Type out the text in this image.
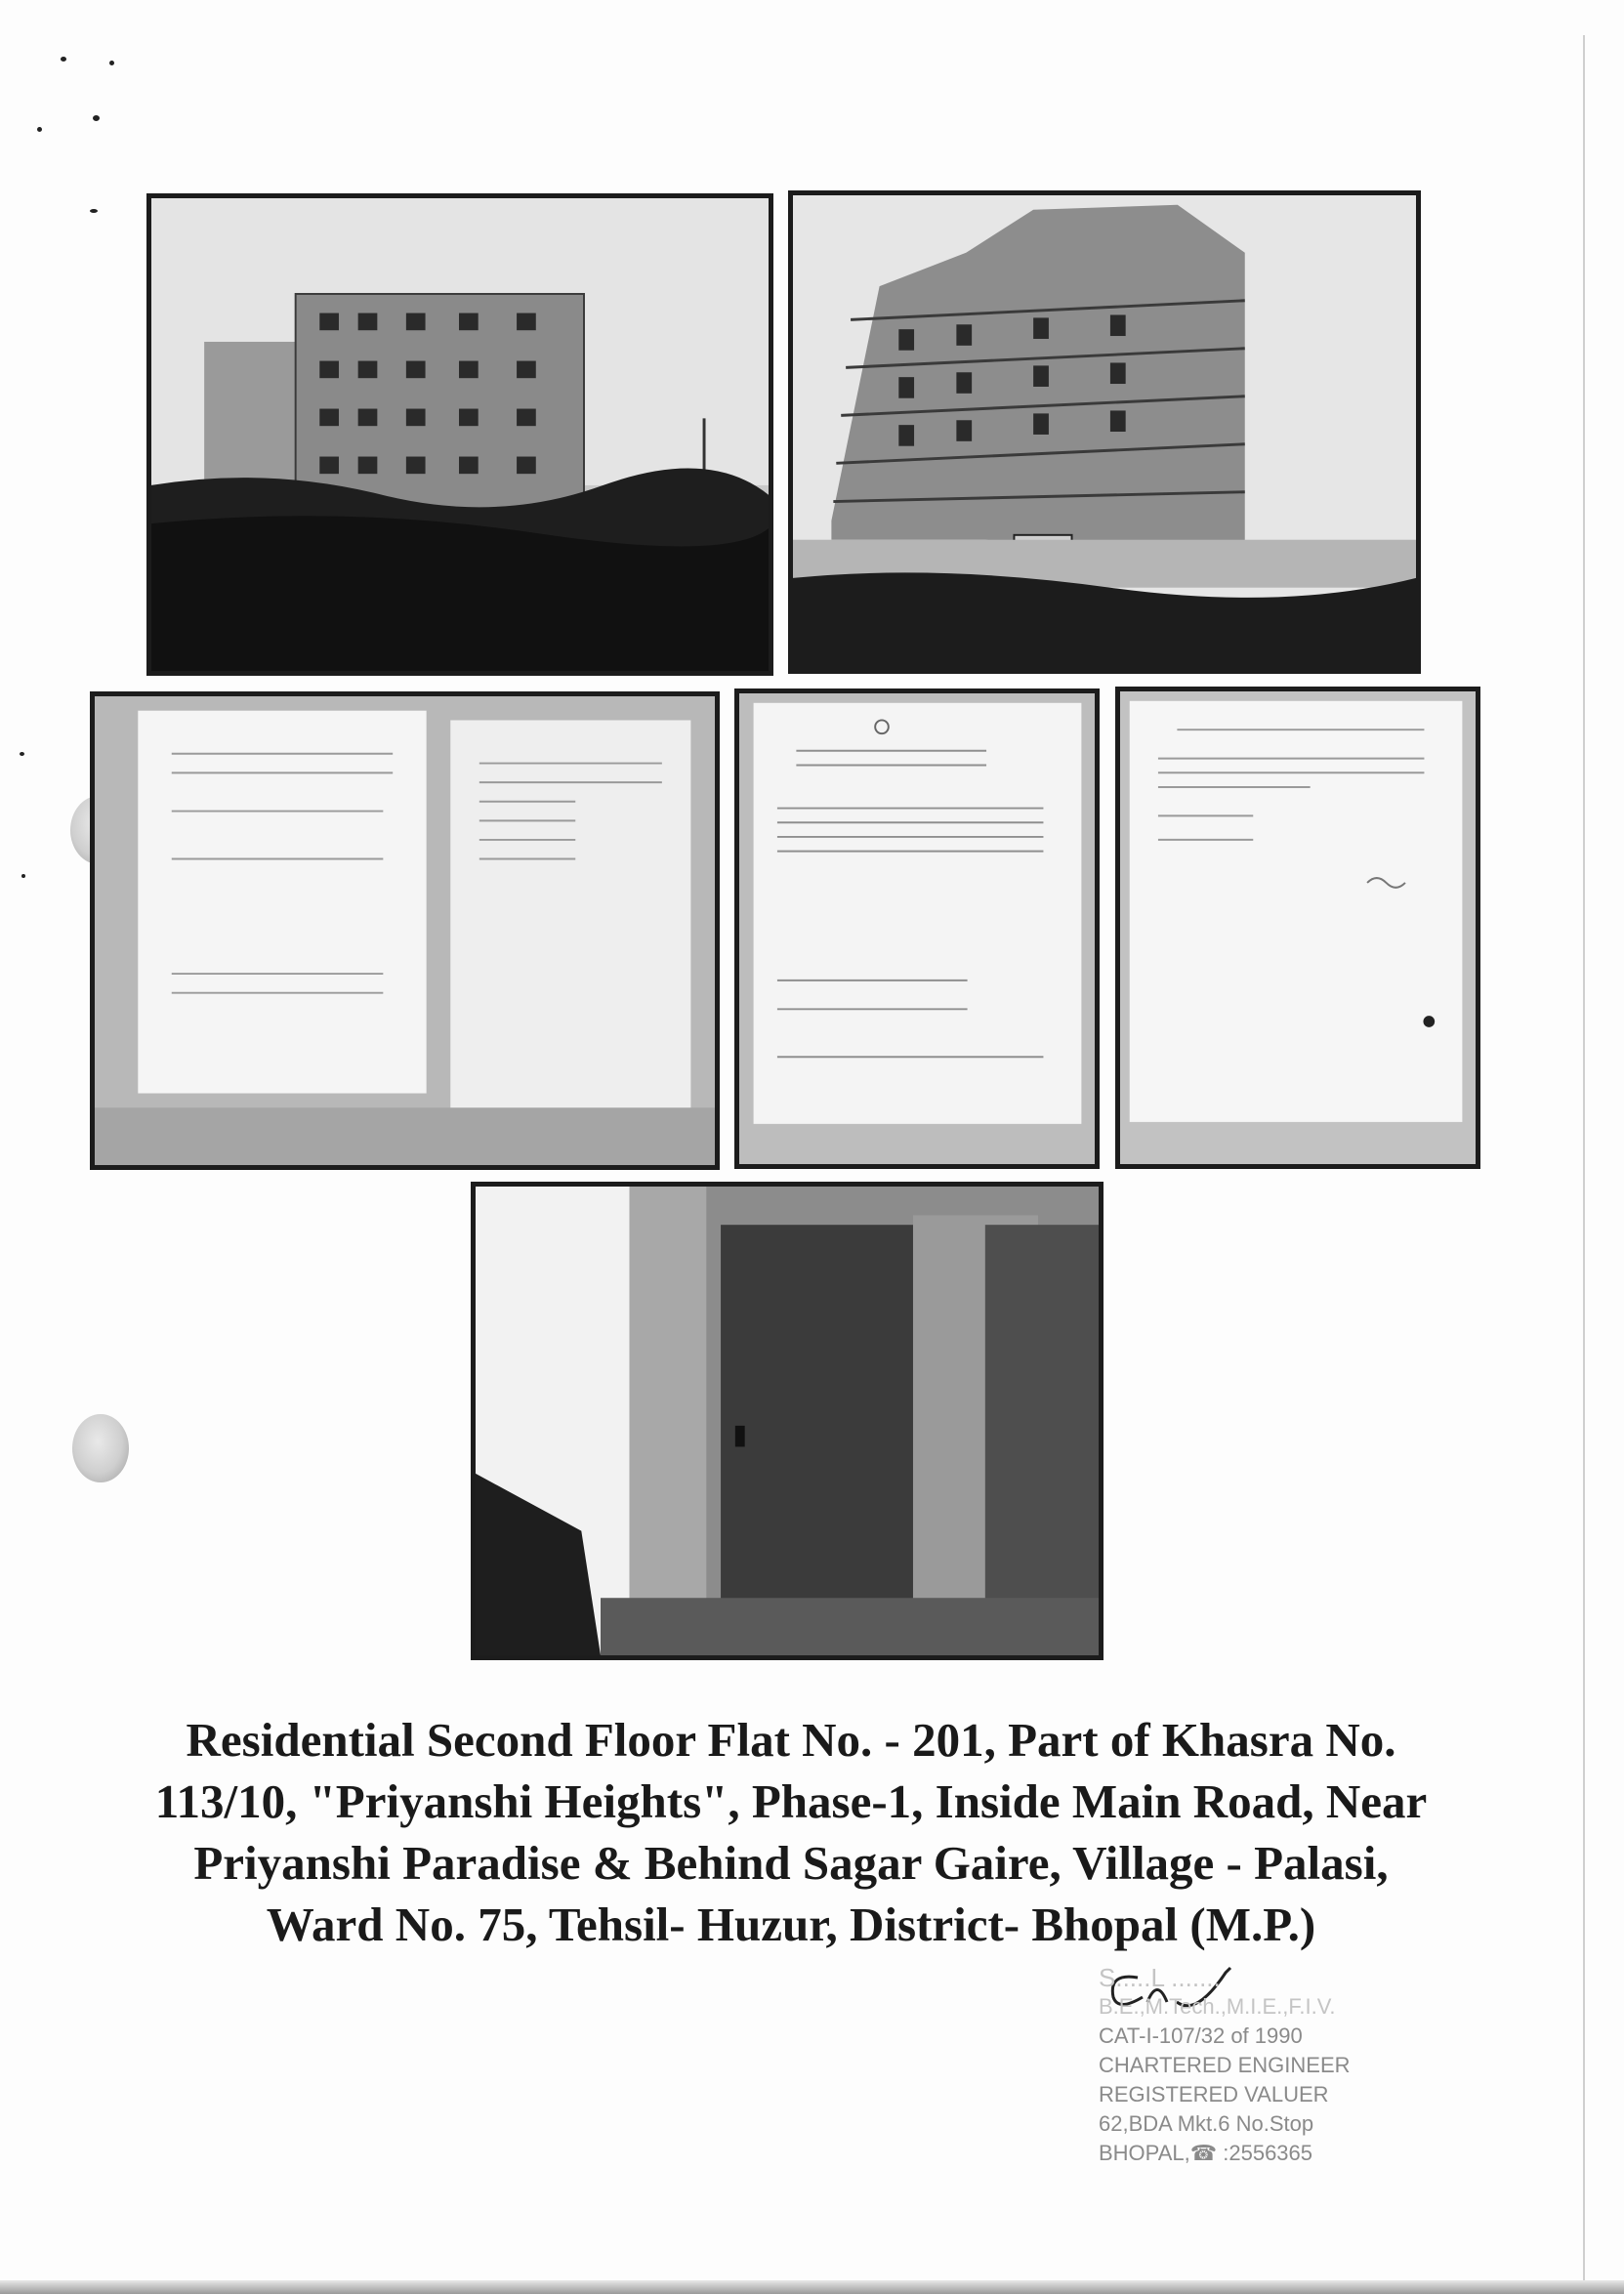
Residential Second Floor Flat No. - 201, Part of Khasra No.
113/10, "Priyanshi Heights", Phase-1, Inside Main Road, Near
Priyanshi Paradise & Behind Sagar Gaire, Village - Palasi,
Ward No. 75, Tehsil- Huzur, District- Bhopal (M.P.)
S.....L .......
B.E.,M.Tech.,M.I.E.,F.I.V.
CAT-I-107/32 of 1990
CHARTERED ENGINEER
REGISTERED VALUER
62,BDA Mkt.6 No.Stop
BHOPAL,☎ :2556365
